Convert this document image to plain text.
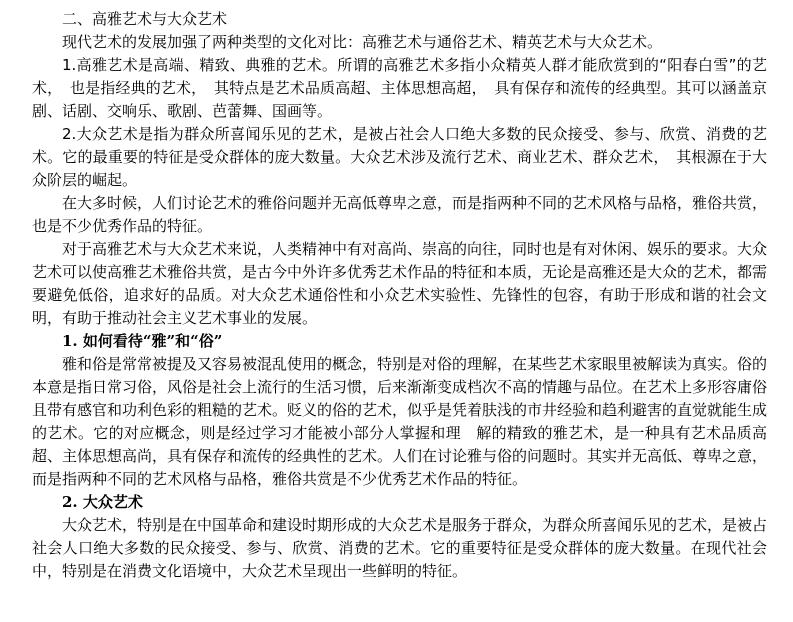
二、高雅艺术与大众艺术

现代艺术的发展加强了两种类型的文化对比：高雅艺术与通俗艺术、精英艺术与大众艺术。

1.高雅艺术是高端、精致、典雅的艺术。所谓的高雅艺术多指小众精英人群才能欣赏到的“阳春白雪”的艺术，　也是指经典的艺术，　其特点是艺术品质高超、主体思想高超，　具有保存和流传的经典型。其可以涵盖京剧、话剧、交响乐、歌剧、芭蕾舞、国画等。

2.大众艺术是指为群众所喜闻乐见的艺术，是被占社会人口绝大多数的民众接受、参与、欣赏、消费的艺术。它的最重要的特征是受众群体的庞大数量。大众艺术涉及流行艺术、商业艺术、群众艺术，　其根源在于大众阶层的崛起。

在大多时候，人们讨论艺术的雅俗问题并无高低尊卑之意，而是指两种不同的艺术风格与品格，雅俗共赏，也是不少优秀作品的特征。

对于高雅艺术与大众艺术来说，人类精神中有对高尚、崇高的向往，同时也是有对休闲、娱乐的要求。大众艺术可以使高雅艺术雅俗共赏，是古今中外许多优秀艺术作品的特征和本质，无论是高雅还是大众的艺术，都需要避免低俗，追求好的品质。对大众艺术通俗性和小众艺术实验性、先锋性的包容，有助于形成和谐的社会文明，有助于推动社会主义艺术事业的发展。

1. 如何看待“雅”和“俗”

雅和俗是常常被提及又容易被混乱使用的概念，特别是对俗的理解，在某些艺术家眼里被解读为真实。俗的本意是指日常习俗，风俗是社会上流行的生活习惯，后来渐渐变成档次不高的情趣与品位。在艺术上多形容庸俗且带有感官和功利色彩的粗糙的艺术。贬义的俗的艺术，似乎是凭着肤浅的市井经验和趋利避害的直觉就能生成的艺术。它的对应概念，则是经过学习才能被小部分人掌握和理　解的精致的雅艺术，是一种具有艺术品质高超、主体思想高尚，具有保存和流传的经典性的艺术。人们在讨论雅与俗的问题时。其实并无高低、尊卑之意，而是指两种不同的艺术风格与品格，雅俗共赏是不少优秀艺术作品的特征。

2. 大众艺术

大众艺术，特别是在中国革命和建设时期形成的大众艺术是服务于群众，为群众所喜闻乐见的艺术，是被占社会人口绝大多数的民众接受、参与、欣赏、消费的艺术。它的重要特征是受众群体的庞大数量。在现代社会中，特别是在消费文化语境中，大众艺术呈现出一些鲜明的特征。
